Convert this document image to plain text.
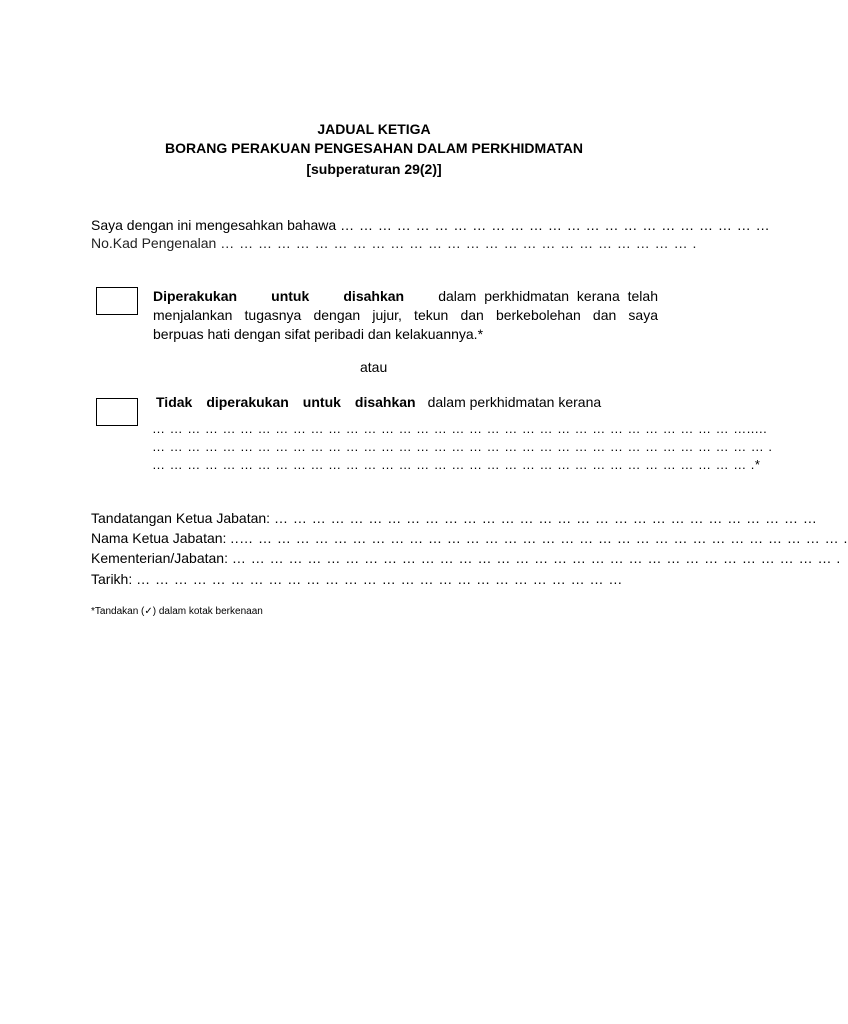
JADUAL KETIGA
BORANG PERAKUAN PENGESAHAN DALAM PERKHIDMATAN
[subperaturan 29(2)]
Saya dengan ini mengesahkan bahawa … … … … … … … … … … … … … … … … … … … … … … …
No.Kad Pengenalan … … … … … … … … … … … … … … … … … … … … … … … … … .
Diperakukan untuk disahkan dalam perkhidmatan kerana telah
menjalankan tugasnya dengan jujur, tekun dan berkebolehan dan saya
berpuas hati dengan sifat peribadi dan kelakuannya.*
atau
Tidak diperakukan untuk disahkan dalam perkhidmatan kerana
… … … … … … … … … … … … … … … … … … … … … … … … … … … … … … … … … ….....
… … … … … … … … … … … … … … … … … … … … … … … … … … … … … … … … … … … .
… … … … … … … … … … … … … … … … … … … … … … … … … … … … … … … … … … .*
Tandatangan Ketua Jabatan: … … … … … … … … … … … … … … … … … … … … … … … … … … … … …
Nama Ketua Jabatan: ..… … … … … … … … … … … … … … … … … … … … … … … … … … … … … … … … .
Kementerian/Jabatan: … … … … … … … … … … … … … … … … … … … … … … … … … … … … … … … … .
Tarikh: … … … … … … … … … … … … … … … … … … … … … … … … … …
*Tandakan (✓) dalam kotak berkenaan
